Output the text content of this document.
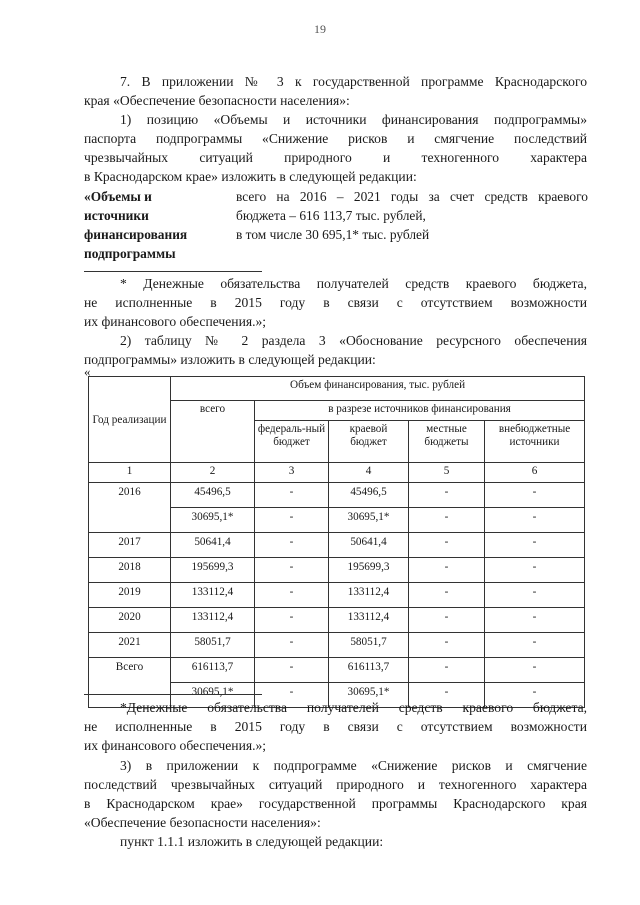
19
7. В приложении № 3 к государственной программе Краснодарского
края «Обеспечение безопасности населения»:
1) позицию «Объемы и источники финансирования подпрограммы»
паспорта подпрограммы «Снижение рисков и смягчение последствий
чрезвычайных ситуаций природного и техногенного характера
в Краснодарском крае» изложить в следующей редакции:
«Объемы и
источники
финансирования
подпрограммы
всего на 2016 – 2021 годы за счет средств краевого
бюджета – 616 113,7 тыс. рублей,
в том числе 30 695,1* тыс. рублей
* Денежные обязательства получателей средств краевого бюджета,
не исполненные в 2015 году в связи с отсутствием возможности
их финансового обеспечения.»;
2) таблицу № 2 раздела 3 «Обоснование ресурсного обеспечения
подпрограммы» изложить в следующей редакции:
«
Год реализации	Объем финансирования, тыс. рублей				
	всего	в разрезе источников финансирования			
		федераль-ный бюджет	краевой бюджет	местные бюджеты	внебюджетные источники
1	2	3	4	5	6
2016	45496,5	-	45496,5	-	-
	30695,1*	-	30695,1*	-	-
2017	50641,4	-	50641,4	-	-
2018	195699,3	-	195699,3	-	-
2019	133112,4	-	133112,4	-	-
2020	133112,4	-	133112,4	-	-
2021	58051,7	-	58051,7	-	-
Всего	616113,7	-	616113,7	-	-
	30695,1*	-	30695,1*	-	-
*Денежные обязательства получателей средств краевого бюджета,
не исполненные в 2015 году в связи с отсутствием возможности
их финансового обеспечения.»;
3) в приложении к подпрограмме «Снижение рисков и смягчение
последствий чрезвычайных ситуаций природного и техногенного характера
в Краснодарском крае» государственной программы Краснодарского края
«Обеспечение безопасности населения»:
пункт 1.1.1 изложить в следующей редакции:
